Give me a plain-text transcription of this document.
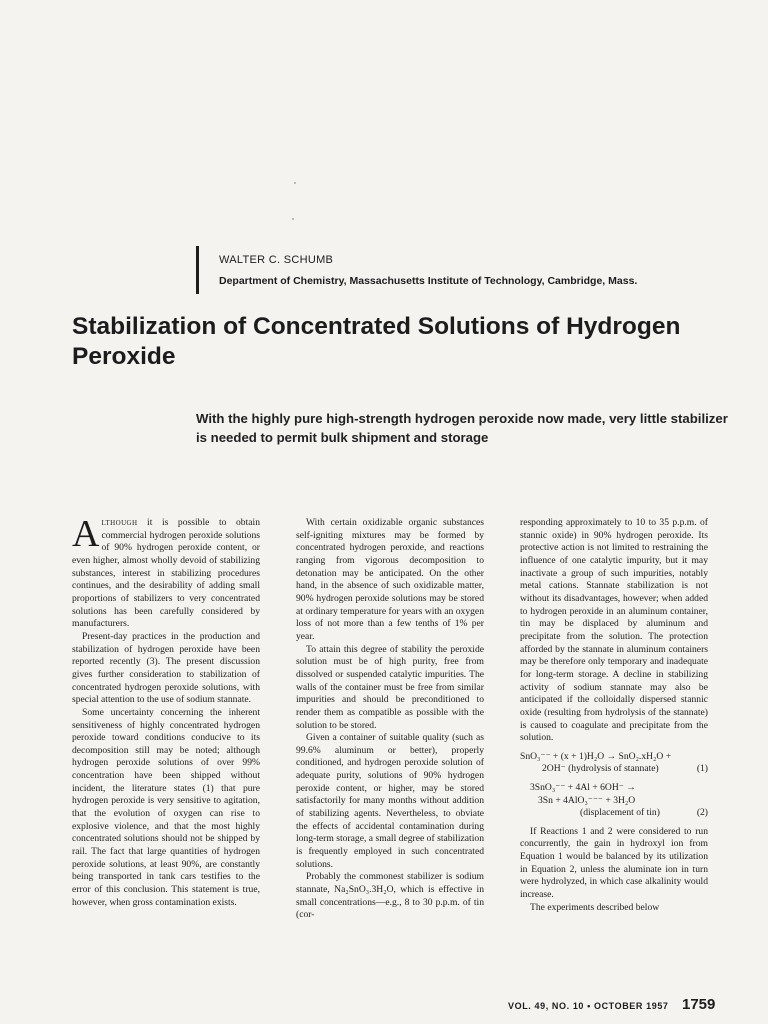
WALTER C. SCHUMB
Department of Chemistry, Massachusetts Institute of Technology, Cambridge, Mass.
Stabilization of Concentrated Solutions of Hydrogen Peroxide
With the highly pure high-strength hydrogen peroxide now made, very little stabilizer is needed to permit bulk shipment and storage

Although it is possible to obtain commercial hydrogen peroxide solutions of 90% hydrogen peroxide content, or even higher, almost wholly devoid of stabilizing substances, interest in stabilizing procedures continues, and the desirability of adding small proportions of stabilizers to very concentrated solutions has been carefully considered by manufacturers.

Present-day practices in the production and stabilization of hydrogen peroxide have been reported recently (3). The present discussion gives further consideration to stabilization of concentrated hydrogen peroxide solutions, with special attention to the use of sodium stannate.

Some uncertainty concerning the inherent sensitiveness of highly concentrated hydrogen peroxide toward conditions conducive to its decomposition still may be noted; although hydrogen peroxide solutions of over 99% concentration have been shipped without incident, the literature states (1) that pure hydrogen peroxide is very sensitive to agitation, that the evolution of oxygen can rise to explosive violence, and that the most highly concentrated solutions should not be shipped by rail. The fact that large quantities of hydrogen peroxide solutions, at least 90%, are constantly being transported in tank cars testifies to the error of this conclusion. This statement is true, however, when gross contamination exists.

With certain oxidizable organic substances self-igniting mixtures may be formed by concentrated hydrogen peroxide, and reactions ranging from vigorous decomposition to detonation may be anticipated. On the other hand, in the absence of such oxidizable matter, 90% hydrogen peroxide solutions may be stored at ordinary temperature for years with an oxygen loss of not more than a few tenths of 1% per year.

To attain this degree of stability the peroxide solution must be of high purity, free from dissolved or suspended catalytic impurities. The walls of the container must be free from similar impurities and should be preconditioned to render them as compatible as possible with the solution to be stored.

Given a container of suitable quality (such as 99.6% aluminum or better), properly conditioned, and hydrogen peroxide solution of adequate purity, solutions of 90% hydrogen peroxide content, or higher, may be stored satisfactorily for many months without addition of stabilizing agents. Nevertheless, to obviate the effects of accidental contamination during long-term storage, a small degree of stabilization is frequently employed in such concentrated solutions.

Probably the commonest stabilizer is sodium stannate, Na₂SnO₃.3H₂O, which is effective in small concentrations—e.g., 8 to 30 p.p.m. of tin (cor-

responding approximately to 10 to 35 p.p.m. of stannic oxide) in 90% hydrogen peroxide. Its protective action is not limited to restraining the influence of one catalytic impurity, but it may inactivate a group of such impurities, notably metal cations. Stannate stabilization is not without its disadvantages, however; when added to hydrogen peroxide in an aluminum container, tin may be displaced by aluminum and precipitate from the solution. The protection afforded by the stannate in aluminum containers may be therefore only temporary and inadequate for long-term storage. A decline in stabilizing activity of sodium stannate may also be anticipated if the colloidally dispersed stannic oxide (resulting from hydrolysis of the stannate) is caused to coagulate and precipitate from the solution.

SnO₃⁻⁻ + (x + 1)H₂O → SnO₂.xH₂O +
2OH⁻ (hydrolysis of stannate)	(1)
3SnO₃⁻⁻ + 4Al + 6OH⁻ →
3Sn + 4AlO₃⁻⁻⁻ + 3H₂O
(displacement of tin)	(2)

If Reactions 1 and 2 were considered to run concurrently, the gain in hydroxyl ion from Equation 1 would be balanced by its utilization in Equation 2, unless the aluminate ion in turn were hydrolyzed, in which case alkalinity would increase.

The experiments described below

VOL. 49, NO. 10 • OCTOBER 1957 1759
